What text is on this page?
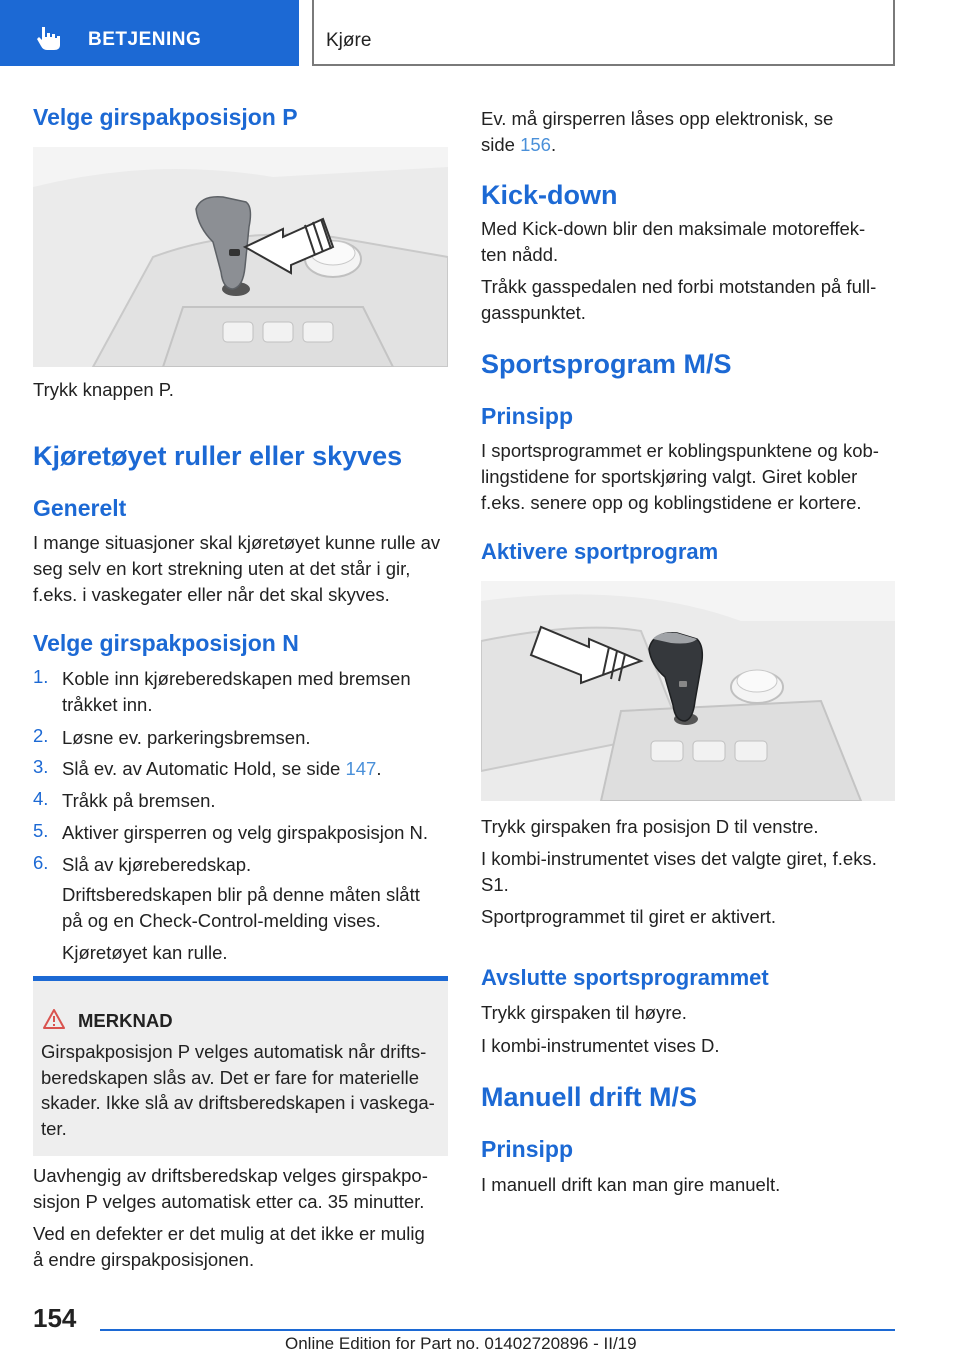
BETJENING	Kjøre
Velge girspakposisjon P
Trykk knappen P.
Kjøretøyet ruller eller skyves
Generelt
I mange situasjoner skal kjøretøyet kunne rulle av
seg selv en kort strekning uten at det står i gir,
f.eks. i vaskegater eller når det skal skyves.
Velge girspakposisjon N
1. Koble inn kjøreberedskapen med bremsen
tråkket inn.
2. Løsne ev. parkeringsbremsen.
3. Slå ev. av Automatic Hold, se side 147.
4. Tråkk på bremsen.
5. Aktiver girsperren og velg girspakposisjon N.
6. Slå av kjøreberedskap.
Driftsberedskapen blir på denne måten slått
på og en Check-Control-melding vises.
Kjøretøyet kan rulle.
MERKNAD
Girspakposisjon P velges automatisk når drifts-
beredskapen slås av. Det er fare for materielle
skader. Ikke slå av driftsberedskapen i vaskega-
ter.
Uavhengig av driftsberedskap velges girspakpo-
sisjon P velges automatisk etter ca. 35 minutter.
Ved en defekter er det mulig at det ikke er mulig
å endre girspakposisjonen.
Ev. må girsperren låses opp elektronisk, se
side 156.
Kick-down
Med Kick-down blir den maksimale motoreffek-
ten nådd.
Tråkk gasspedalen ned forbi motstanden på full-
gasspunktet.
Sportsprogram M/S
Prinsipp
I sportsprogrammet er koblingspunktene og kob-
lingstidene for sportskjøring valgt. Giret kobler
f.eks. senere opp og koblingstidene er kortere.
Aktivere sportprogram
Trykk girspaken fra posisjon D til venstre.
I kombi-instrumentet vises det valgte giret, f.eks.
S1.
Sportprogrammet til giret er aktivert.
Avslutte sportsprogrammet
Trykk girspaken til høyre.
I kombi-instrumentet vises D.
Manuell drift M/S
Prinsipp
I manuell drift kan man gire manuelt.
154
Online Edition for Part no. 01402720896 - II/19
